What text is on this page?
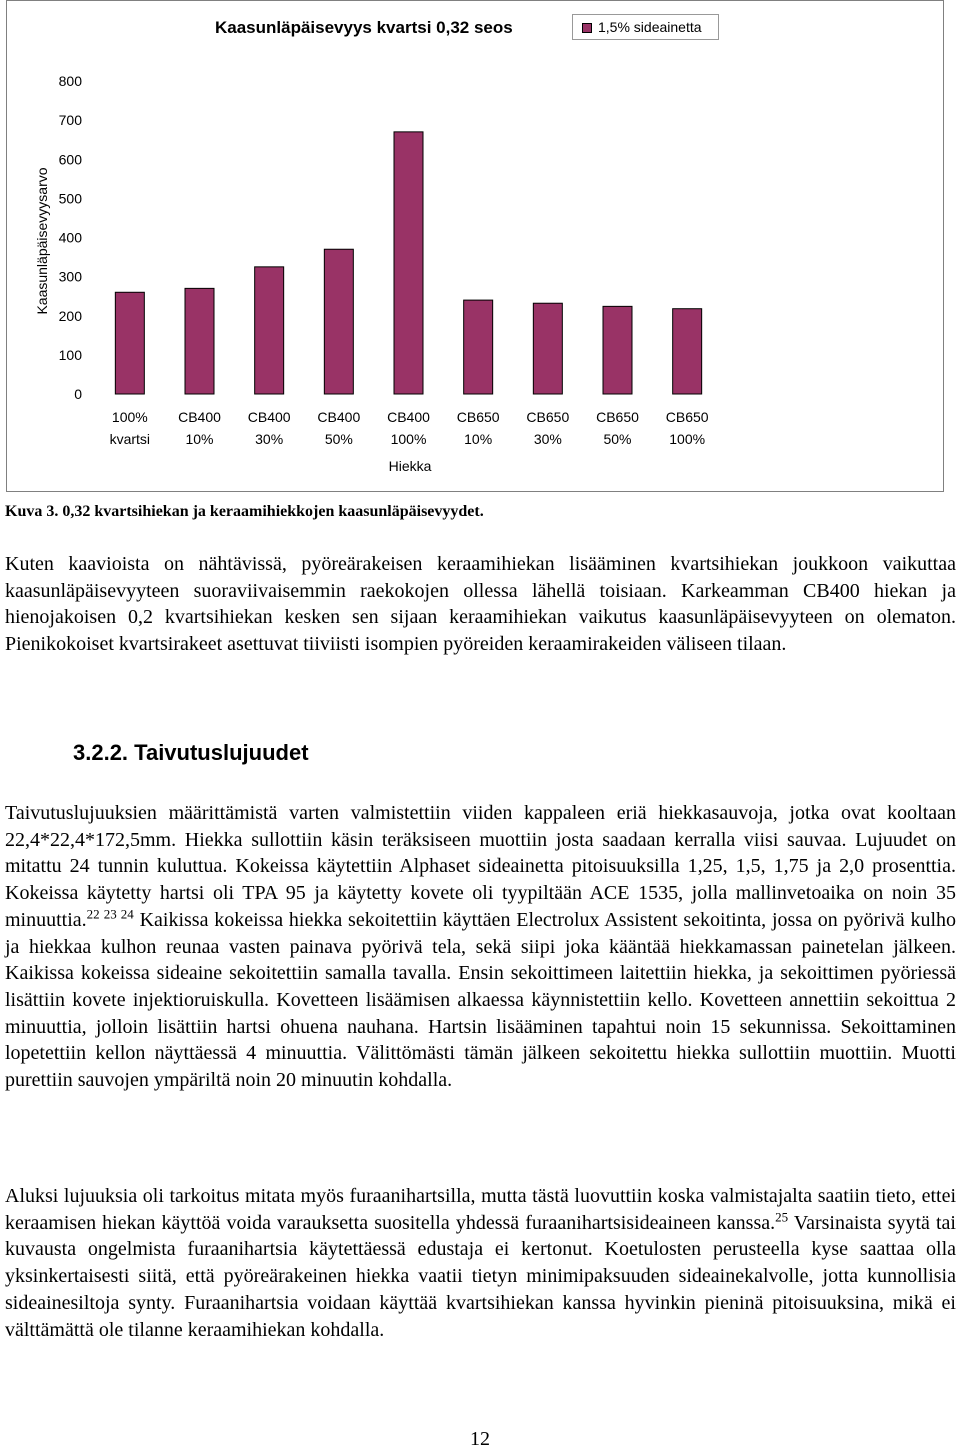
Kaasunläpäisevyys kvartsi 0,32 seos	1,5% sideainetta
0
100
200
300
400
500
600
700
800
100%
kvartsi
CB400
10%
CB400
30%
CB400
50%
CB400
100%
CB650
10%
CB650
30%
CB650
50%
CB650
100%
Kaasunläpäisevyysarvo
Hiekka
Kuva 3. 0,32 kvartsihiekan ja keraamihiekkojen kaasunläpäisevyydet.

Kuten kaavioista on nähtävissä, pyöreärakeisen keraamihiekan lisääminen kvartsihiekan joukkoon vaikuttaa kaasunläpäisevyyteen suoraviivaisemmin raekokojen ollessa lähellä toisiaan. Karkeamman CB400 hiekan ja hienojakoisen 0,2 kvartsihiekan kesken sen sijaan keraamihiekan vaikutus kaasunläpäisevyyteen on olematon. Pienikokoiset kvartsirakeet asettuvat tiiviisti isompien pyöreiden keraamirakeiden väliseen tilaan.

3.2.2. Taivutuslujuudet

Taivutuslujuuksien määrittämistä varten valmistettiin viiden kappaleen eriä hiekkasauvoja, jotka ovat kooltaan 22,4*22,4*172,5mm. Hiekka sullottiin käsin teräksiseen muottiin josta saadaan kerralla viisi sauvaa. Lujuudet on mitattu 24 tunnin kuluttua. Kokeissa käytettiin Alphaset sideainetta pitoisuuksilla 1,25, 1,5, 1,75 ja 2,0 prosenttia. Kokeissa käytetty hartsi oli TPA 95 ja käytetty kovete oli tyypiltään ACE 1535, jolla mallinvetoaika on noin 35 minuuttia.$^{22 23 24}$ Kaikissa kokeissa hiekka sekoitettiin käyttäen Electrolux Assistent sekoitinta, jossa on pyörivä kulho ja hiekkaa kulhon reunaa vasten painava pyörivä tela, sekä siipi joka kääntää hiekkamassan painetelan jälkeen. Kaikissa kokeissa sideaine sekoitettiin samalla tavalla. Ensin sekoittimeen laitettiin hiekka, ja sekoittimen pyöriessä lisättiin kovete injektioruiskulla. Kovetteen lisäämisen alkaessa käynnistettiin kello. Kovetteen annettiin sekoittua 2 minuuttia, jolloin lisättiin hartsi ohuena nauhana. Hartsin lisääminen tapahtui noin 15 sekunnissa. Sekoittaminen lopetettiin kellon näyttäessä 4 minuuttia. Välittömästi tämän jälkeen sekoitettu hiekka sullottiin muottiin. Muotti purettiin sauvojen ympäriltä noin 20 minuutin kohdalla.

Aluksi lujuuksia oli tarkoitus mitata myös furaanihartsilla, mutta tästä luovuttiin koska valmistajalta saatiin tieto, ettei keraamisen hiekan käyttöä voida varauksetta suositella yhdessä furaanihartsisideaineen kanssa.$^{25}$ Varsinaista syytä tai kuvausta ongelmista furaanihartsia käytettäessä edustaja ei kertonut. Koetulosten perusteella kyse saattaa olla yksinkertaisesti siitä, että pyöreärakeinen hiekka vaatii tietyn minimipaksuuden sideainekalvolle, jotta kunnollisia sideainesiltoja synty. Furaanihartsia voidaan käyttää kvartsihiekan kanssa hyvinkin pieninä pitoisuuksina, mikä ei välttämättä ole tilanne keraamihiekan kohdalla.

12
